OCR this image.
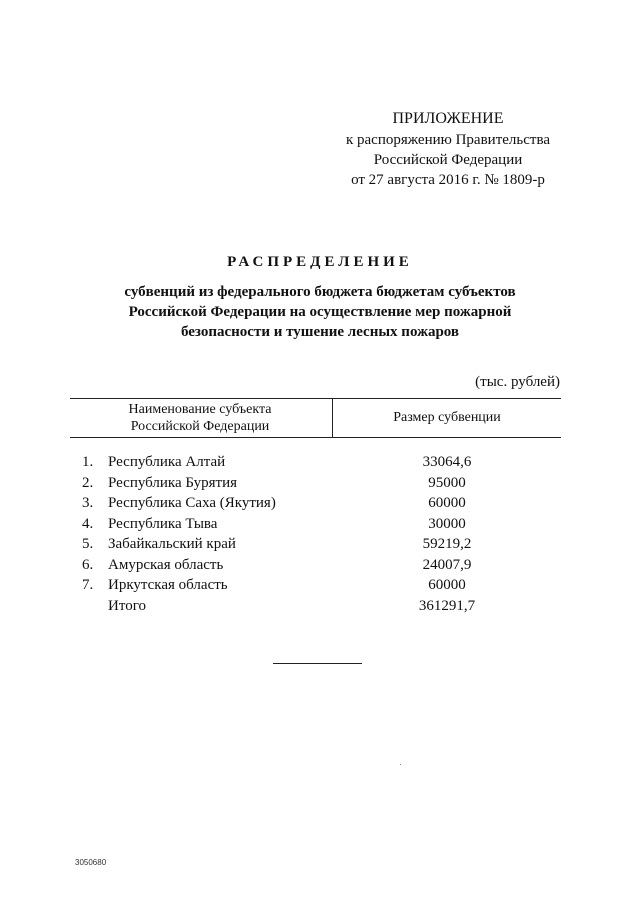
ПРИЛОЖЕНИЕ
к распоряжению Правительства
Российской Федерации
от 27 августа 2016 г. № 1809-р
РАСПРЕДЕЛЕНИЕ
субвенций из федерального бюджета бюджетам субъектов
Российской Федерации на осуществление мер пожарной
безопасности и тушение лесных пожаров
(тыс. рублей)
Наименование субъекта
Российской Федерации
Размер субвенции
1. Республика Алтай	33064,6
2. Республика Бурятия	95000
3. Республика Саха (Якутия)	60000
4. Республика Тыва	30000
5. Забайкальский край	59219,2
6. Амурская область	24007,9
7. Иркутская область	60000
Итого	361291,7
3050680
